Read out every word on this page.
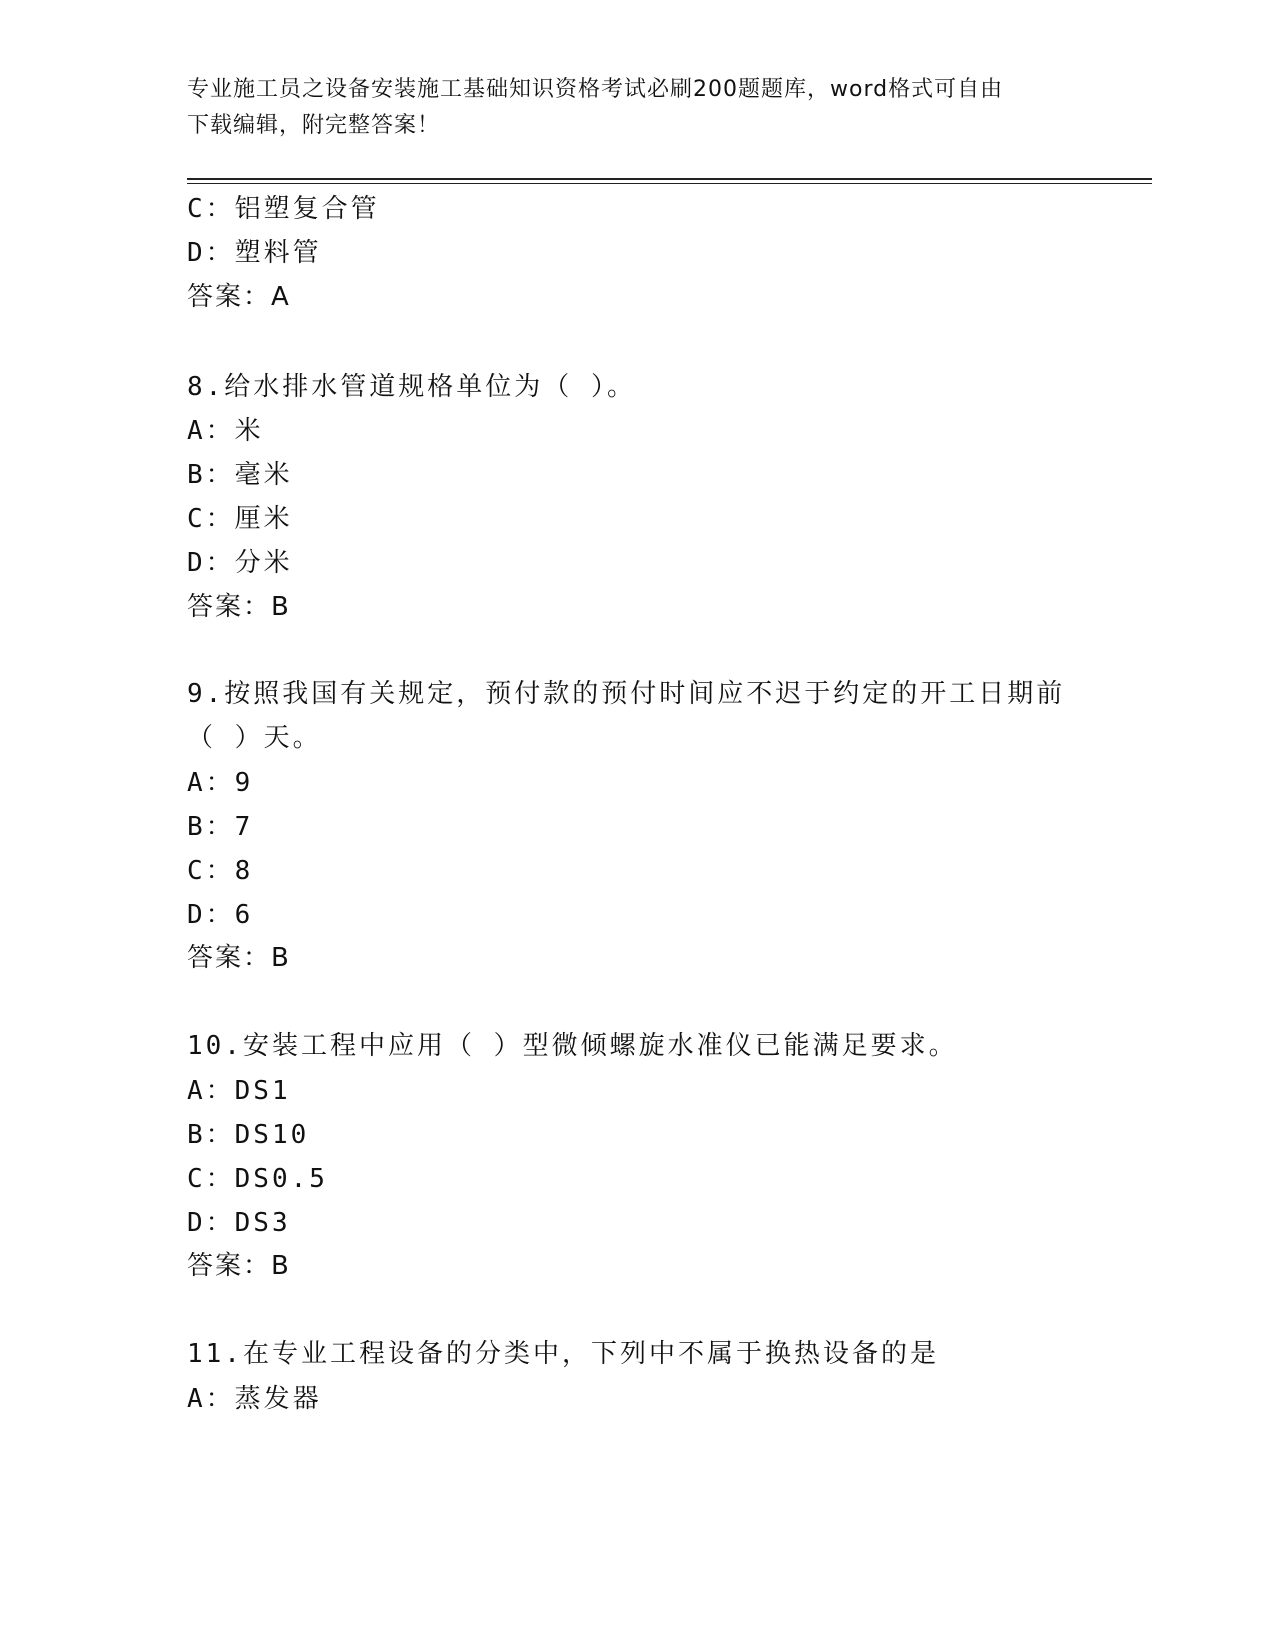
专业施工员之设备安装施工基础知识资格考试必刷200题题库，word格式可自由
下载编辑，附完整答案！
C：铝塑复合管
D：塑料管
答案：A
8.给水排水管道规格单位为（ ）。
A：米
B：毫米
C：厘米
D：分米
答案：B
9.按照我国有关规定，预付款的预付时间应不迟于约定的开工日期前
（ ）天。
A：9
B：7
C：8
D：6
答案：B
10.安装工程中应用（ ）型微倾螺旋水准仪已能满足要求。
A：DS1
B：DS10
C：DS0.5
D：DS3
答案：B
11.在专业工程设备的分类中，下列中不属于换热设备的是
A：蒸发器
